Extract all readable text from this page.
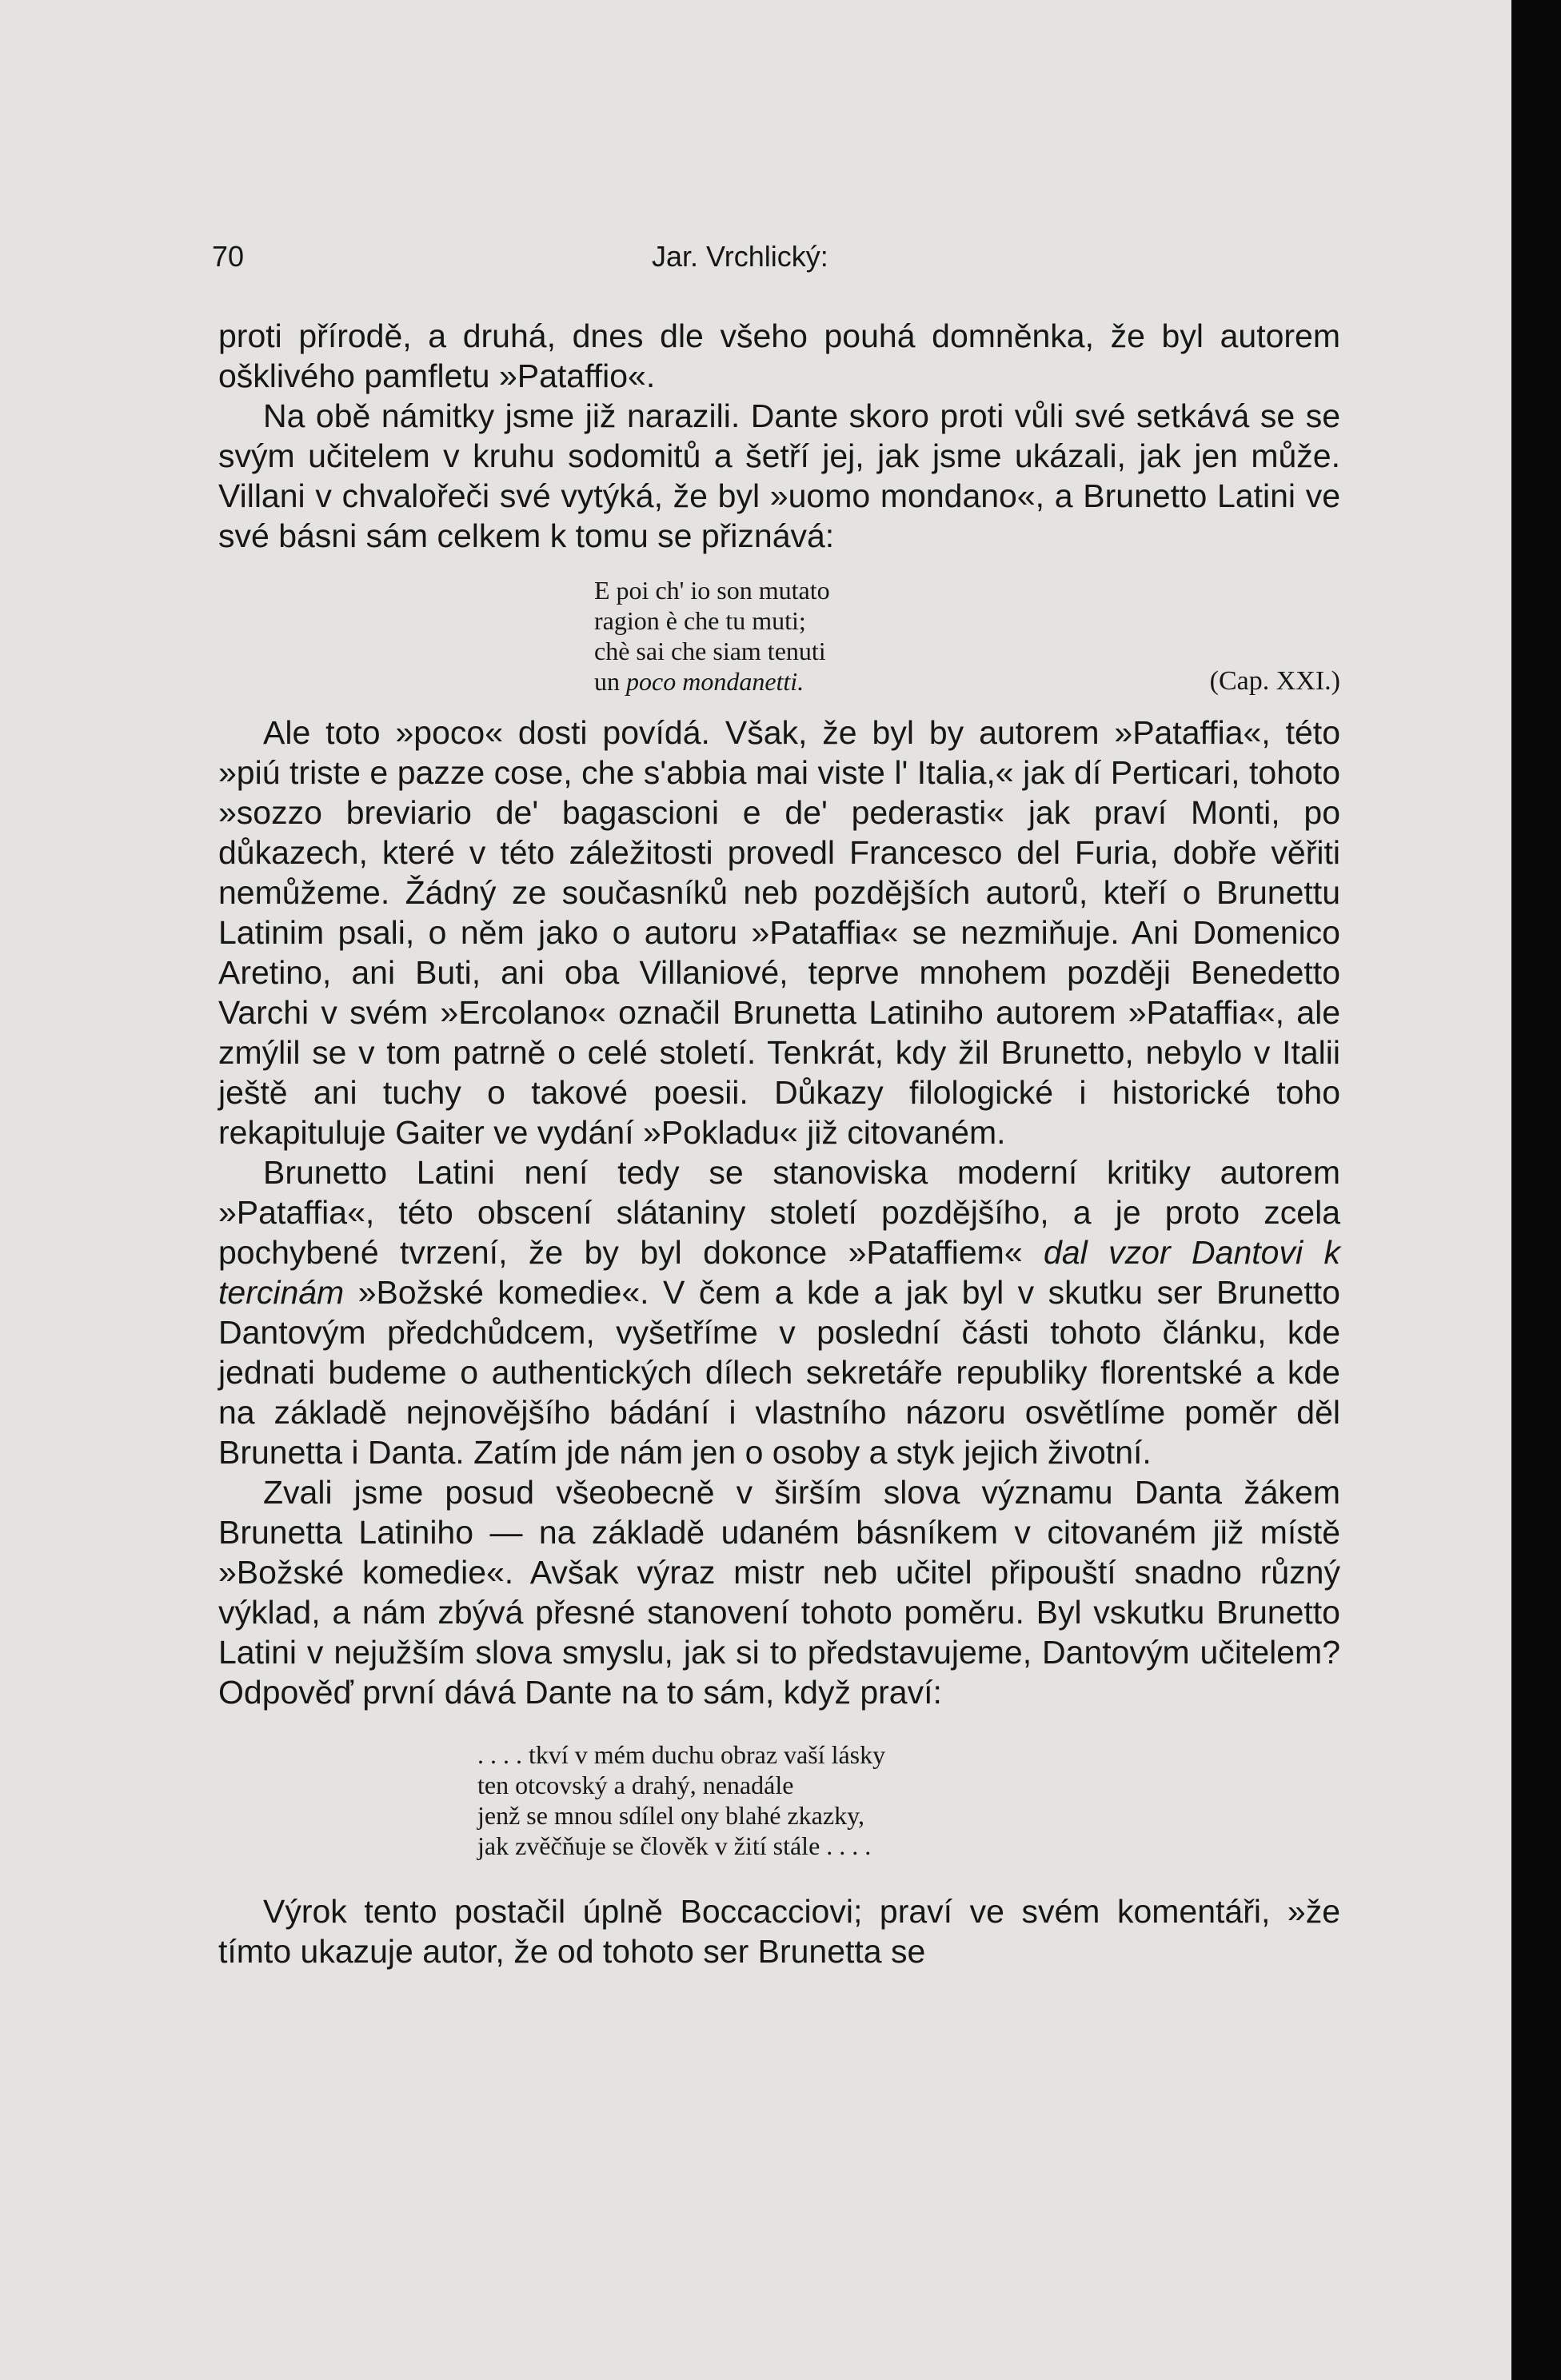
70	Jar. Vrchlický:

proti přírodě, a druhá, dnes dle všeho pouhá domněnka, že byl autorem ošklivého pamfletu »Pataffio«.

Na obě námitky jsme již narazili. Dante skoro proti vůli své setkává se se svým učitelem v kruhu sodomitů a šetří jej, jak jsme ukázali, jak jen může. Villani v chvalořeči své vytýká, že byl »uomo mondano«, a Brunetto Latini ve své básni sám celkem k tomu se přiznává:

E poi ch' io son mutato
ragion è che tu muti;
chè sai che siam tenuti
un poco mondanetti.	(Cap. XXI.)

Ale toto »poco« dosti povídá. Však, že byl by autorem »Pataffia«, této »piú triste e pazze cose, che s'abbia mai viste l' Italia,« jak dí Perticari, tohoto »sozzo breviario de' bagascioni e de' pederasti« jak praví Monti, po důkazech, které v této záležitosti provedl Francesco del Furia, dobře věřiti nemůžeme. Žádný ze současníků neb pozdějších autorů, kteří o Brunettu Latinim psali, o něm jako o autoru »Pataffia« se nezmiňuje. Ani Domenico Aretino, ani Buti, ani oba Villaniové, teprve mnohem později Benedetto Varchi v svém »Ercolano« označil Brunetta Latiniho autorem »Pataffia«, ale zmýlil se v tom patrně o celé století. Tenkrát, kdy žil Brunetto, nebylo v Italii ještě ani tuchy o takové poesii. Důkazy filologické i historické toho rekapituluje Gaiter ve vydání »Pokladu« již citovaném.

Brunetto Latini není tedy se stanoviska moderní kritiky autorem »Pataffia«, této obscení slátaniny století pozdějšího, a je proto zcela pochybené tvrzení, že by byl dokonce »Pataffiem« dal vzor Dantovi k tercinám »Božské komedie«. V čem a kde a jak byl v skutku ser Brunetto Dantovým předchůdcem, vyšetříme v poslední části tohoto článku, kde jednati budeme o authentických dílech sekretáře republiky florentské a kde na základě nejnovějšího bádání i vlastního názoru osvětlíme poměr děl Brunetta i Danta. Zatím jde nám jen o osoby a styk jejich životní.

Zvali jsme posud všeobecně v širším slova významu Danta žákem Brunetta Latiniho — na základě udaném básníkem v citovaném již místě »Božské komedie«. Avšak výraz mistr neb učitel připouští snadno různý výklad, a nám zbývá přesné stanovení tohoto poměru. Byl vskutku Brunetto Latini v nejužším slova smyslu, jak si to představujeme, Dantovým učitelem? Odpověď první dává Dante na to sám, když praví:

. . . . tkví v mém duchu obraz vaší lásky
ten otcovský a drahý, nenadále
jenž se mnou sdílel ony blahé zkazky,
jak zvěčňuje se člověk v žití stále . . . .

Výrok tento postačil úplně Boccacciovi; praví ve svém komentáři, »že tímto ukazuje autor, že od tohoto ser Brunetta se
